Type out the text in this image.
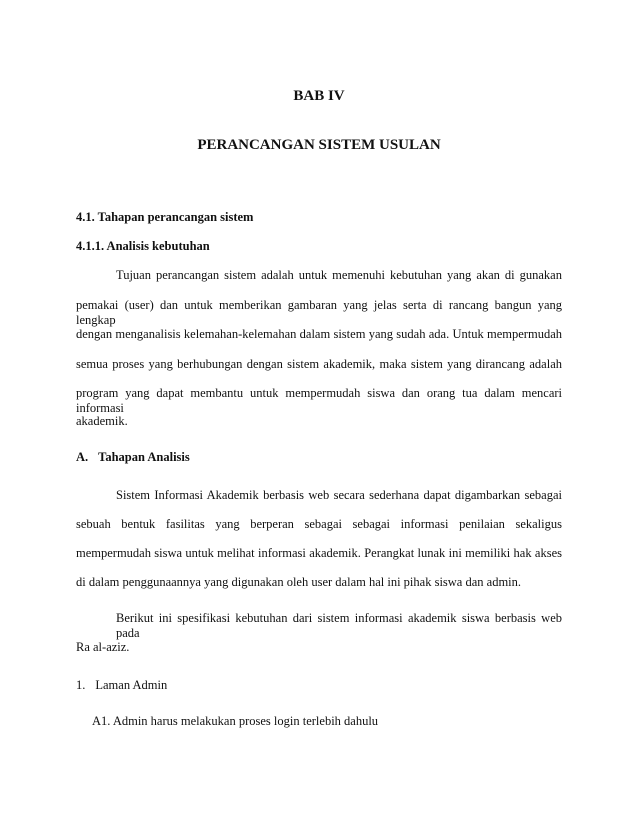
BAB IV

PERANCANGAN SISTEM USULAN

4.1. Tahapan perancangan sistem

4.1.1. Analisis kebutuhan

Tujuan perancangan sistem adalah untuk memenuhi kebutuhan yang akan di gunakan

pemakai (user) dan untuk memberikan gambaran yang jelas serta di rancang bangun yang lengkap

dengan menganalisis kelemahan-kelemahan dalam sistem yang sudah ada. Untuk mempermudah

semua proses yang berhubungan dengan sistem akademik, maka sistem yang dirancang adalah

program yang dapat membantu untuk mempermudah siswa dan orang tua dalam mencari informasi

akademik.

A. Tahapan Analisis

Sistem Informasi Akademik berbasis web secara sederhana dapat digambarkan sebagai

sebuah bentuk fasilitas yang berperan sebagai sebagai informasi penilaian sekaligus

mempermudah siswa untuk melihat informasi akademik. Perangkat lunak ini memiliki hak akses

di dalam penggunaannya yang digunakan oleh user dalam hal ini pihak siswa dan admin.

Berikut ini spesifikasi kebutuhan dari sistem informasi akademik siswa berbasis web pada

Ra al-aziz.

1. Laman Admin

A1. Admin harus melakukan proses login terlebih dahulu
